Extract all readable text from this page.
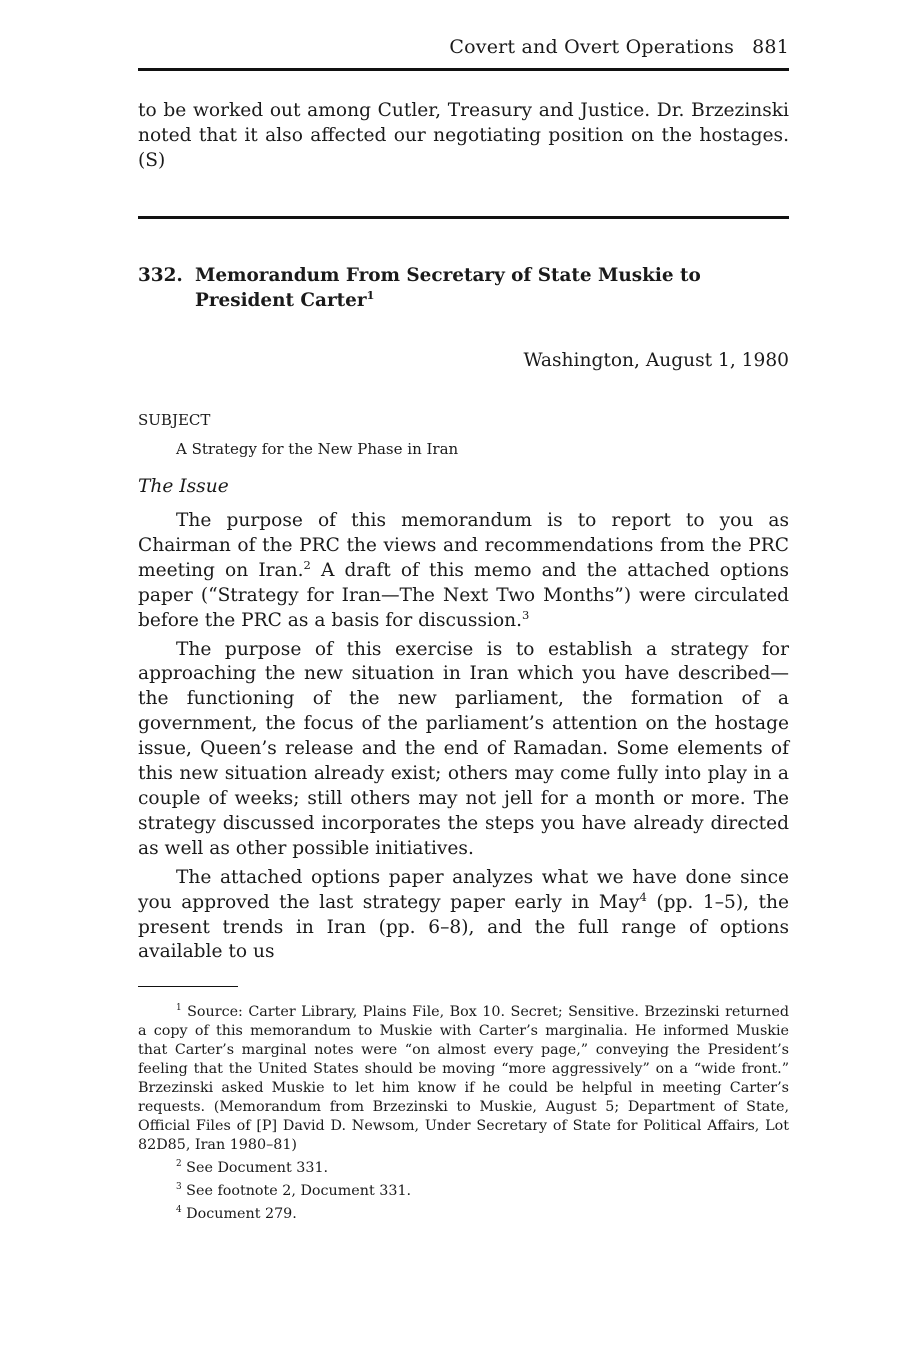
Covert and Overt Operations 881

to be worked out among Cutler, Treasury and Justice. Dr. Brzezinski noted that it also affected our negotiating position on the hostages. (S)

332. Memorandum From Secretary of State Muskie to
President Carter$^1$
Washington, August 1, 1980
SUBJECT
A Strategy for the New Phase in Iran
The Issue

The purpose of this memorandum is to report to you as Chairman of the PRC the views and recommendations from the PRC meeting on Iran.$^2$ A draft of this memo and the attached options paper (“Strategy for Iran—The Next Two Months”) were circulated before the PRC as a basis for discussion.$^3$

The purpose of this exercise is to establish a strategy for approaching the new situation in Iran which you have described—the functioning of the new parliament, the formation of a government, the focus of the parliament’s attention on the hostage issue, Queen’s release and the end of Ramadan. Some elements of this new situation already exist; others may come fully into play in a couple of weeks; still others may not jell for a month or more. The strategy discussed incorporates the steps you have already directed as well as other possible initiatives.

The attached options paper analyzes what we have done since you approved the last strategy paper early in May$^4$ (pp. 1–5), the present trends in Iran (pp. 6–8), and the full range of options available to us

$^1$ Source: Carter Library, Plains File, Box 10. Secret; Sensitive. Brzezinski returned a copy of this memorandum to Muskie with Carter’s marginalia. He informed Muskie that Carter’s marginal notes were “on almost every page,” conveying the President’s feeling that the United States should be moving “more aggressively” on a “wide front.” Brzezinski asked Muskie to let him know if he could be helpful in meeting Carter’s requests. (Memorandum from Brzezinski to Muskie, August 5; Department of State, Official Files of [P] David D. Newsom, Under Secretary of State for Political Affairs, Lot 82D85, Iran 1980–81)

$^2$ See Document 331.

$^3$ See footnote 2, Document 331.

$^4$ Document 279.
